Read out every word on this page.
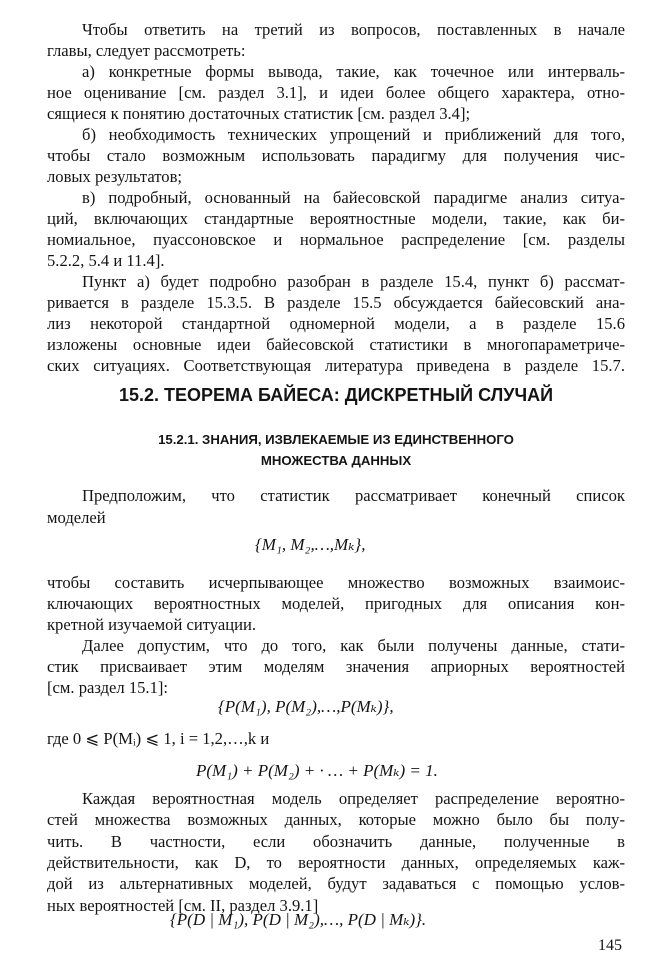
Чтобы ответить на третий из вопросов, поставленных в начале
главы, следует рассмотреть:
а) конкретные формы вывода, такие, как точечное или интерваль-
ное оценивание [см. раздел 3.1], и идеи более общего характера, отно-
сящиеся к понятию достаточных статистик [см. раздел 3.4];
б) необходимость технических упрощений и приближений для того,
чтобы стало возможным использовать парадигму для получения чис-
ловых результатов;
в) подробный, основанный на байесовской парадигме анализ ситуа-
ций, включающих стандартные вероятностные модели, такие, как би-
номиальное, пуассоновское и нормальное распределение [см. разделы
5.2.2, 5.4 и 11.4].
Пункт а) будет подробно разобран в разделе 15.4, пункт б) рассмат-
ривается в разделе 15.3.5. В разделе 15.5 обсуждается байесовский ана-
лиз некоторой стандартной одномерной модели, а в разделе 15.6
изложены основные идеи байесовской статистики в многопараметриче-
ских ситуациях. Соответствующая литература приведена в разделе 15.7.
15.2. ТЕОРЕМА БАЙЕСА: ДИСКРЕТНЫЙ СЛУЧАЙ
15.2.1. ЗНАНИЯ, ИЗВЛЕКАЕМЫЕ ИЗ ЕДИНСТВЕННОГО
МНОЖЕСТВА ДАННЫХ
Предположим, что статистик рассматривает конечный список
моделей
{M₁, M₂,…,Mₖ},
чтобы составить исчерпывающее множество возможных взаимоис-
ключающих вероятностных моделей, пригодных для описания кон-
кретной изучаемой ситуации.
Далее допустим, что до того, как были получены данные, стати-
стик присваивает этим моделям значения априорных вероятностей
[см. раздел 15.1]:
{P(M₁), P(M₂),…,P(Mₖ)},
где 0 ⩽ P(Mᵢ) ⩽ 1, i = 1,2,…,k и
P(M₁) + P(M₂) + · … + P(Mₖ) = 1.
Каждая вероятностная модель определяет распределение вероятно-
стей множества возможных данных, которые можно было бы полу-
чить. В частности, если обозначить данные, полученные в
действительности, как D, то вероятности данных, определяемых каж-
дой из альтернативных моделей, будут задаваться с помощью услов-
ных вероятностей [см. II, раздел 3.9.1]
{P(D | M₁), P(D | M₂),…, P(D | Mₖ)}.
145
